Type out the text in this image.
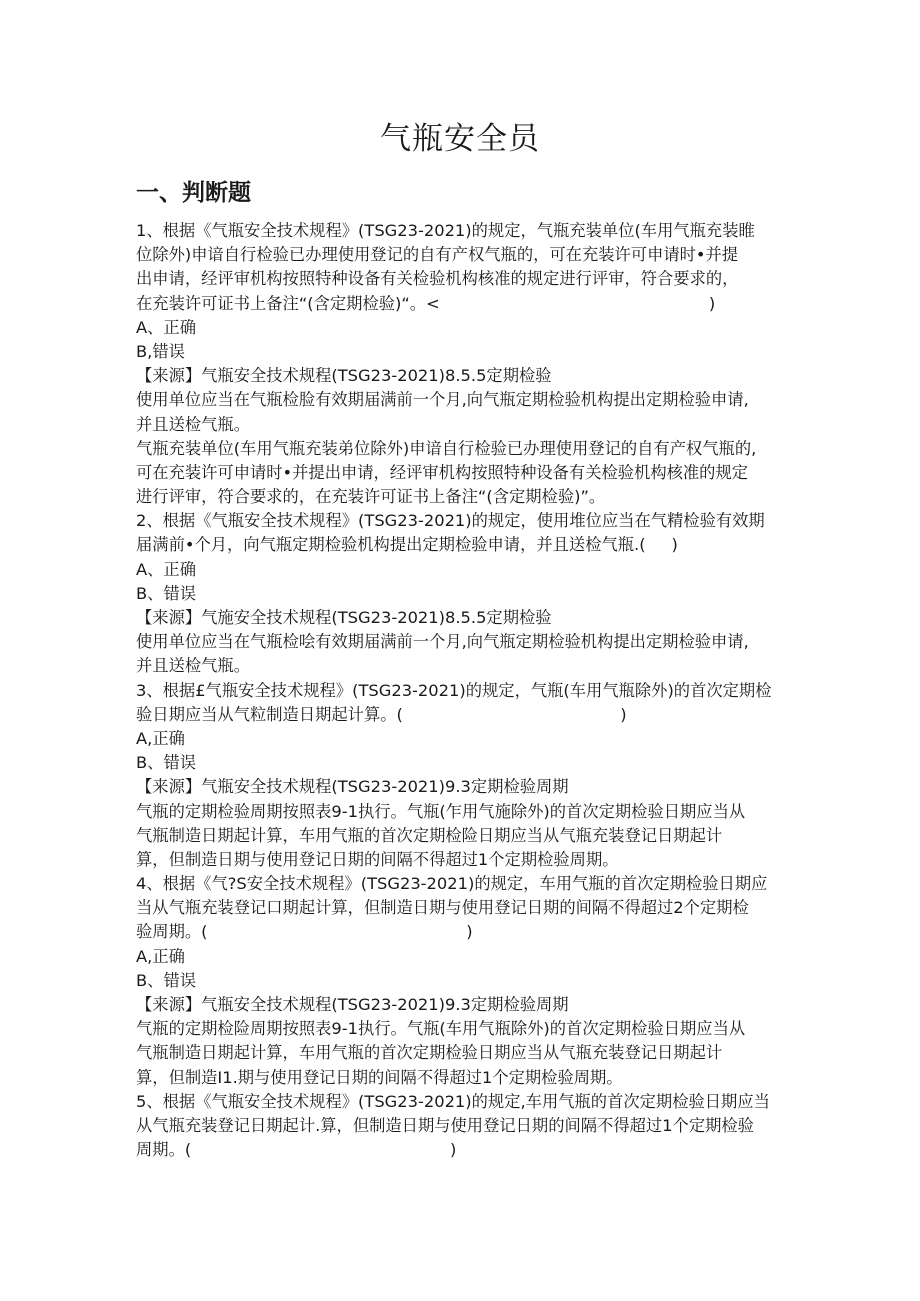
气瓶安全员
一、判断题
1、根据《气瓶安全技术规程》(TSG23-2021)的规定，气瓶充装单位(车用气瓶充装睢
位除外)申谙自行检验已办理使用登记的自有产权气瓶的，可在充装许可申请时•并提
出申请，经评审机构按照特种设备有关检验机构核准的规定进行评审，符合要求的，
在充装许可证书上备注“(含定期检验)“。<                                                    )
A、正确
B,错误
【来源】气瓶安全技术规程(TSG23-2021)8.5.5定期检验
使用单位应当在气瓶检脸有效期届满前一个月,向气瓶定期检验机构提出定期检验申请,
并且送检气瓶。
气瓶充装单位(车用气瓶充装弟位除外)申谙自行检验已办理使用登记的自有产权气瓶的,
可在充装许可申请时•并提出申请，经评审机构按照特种设备有关检验机构核准的规定
进行评审，符合要求的，在充装许可证书上备注“(含定期检验)”。
2、根据《气瓶安全技术规程》(TSG23-2021)的规定，使用堆位应当在气精检验有效期
届满前•个月，向气瓶定期检验机构提出定期检验申请，并且送检气瓶.(     )
A、正确
B、错误
【来源】气施安全技术规程(TSG23-2021)8.5.5定期检验
使用单位应当在气瓶检哙有效期届满前一个月,向气瓶定期检验机构提出定期检验申请,
并且送检气瓶。
3、根据£气瓶安全技术规程》(TSG23-2021)的规定，气瓶(车用气瓶除外)的首次定期检
验日期应当从气粒制造日期起计算。(                                          )
A,正确
B、错误
【来源】气瓶安全技术规程(TSG23-2021)9.3定期检验周期
气瓶的定期检验周期按照表9-1执行。气瓶(乍用气施除外)的首次定期检验日期应当从
气瓶制造日期起计算，车用气瓶的首次定期检险日期应当从气瓶充装登记日期起计
算，但制造日期与使用登记日期的间隔不得超过1个定期检验周期。
4、根据《气?S安全技术规程》(TSG23-2021)的规定，车用气瓶的首次定期检验日期应
当从气瓶充装登记口期起计算，但制造日期与使用登记日期的间隔不得超过2个定期检
验周期。(                                                  )
A,正确
B、错误
【来源】气瓶安全技术规程(TSG23-2021)9.3定期检验周期
气瓶的定期检险周期按照表9-1执行。气瓶(车用气瓶除外)的首次定期检验日期应当从
气瓶制造日期起计算，车用气瓶的首次定期检验日期应当从气瓶充装登记日期起计
算，但制造I1.期与使用登记日期的间隔不得超过1个定期检验周期。
5、根据《气瓶安全技术规程》(TSG23-2021)的规定,车用气瓶的首次定期检验日期应当
从气瓶充装登记日期起计.算，但制造日期与使用登记日期的间隔不得超过1个定期检验
周期。(                                                  )
